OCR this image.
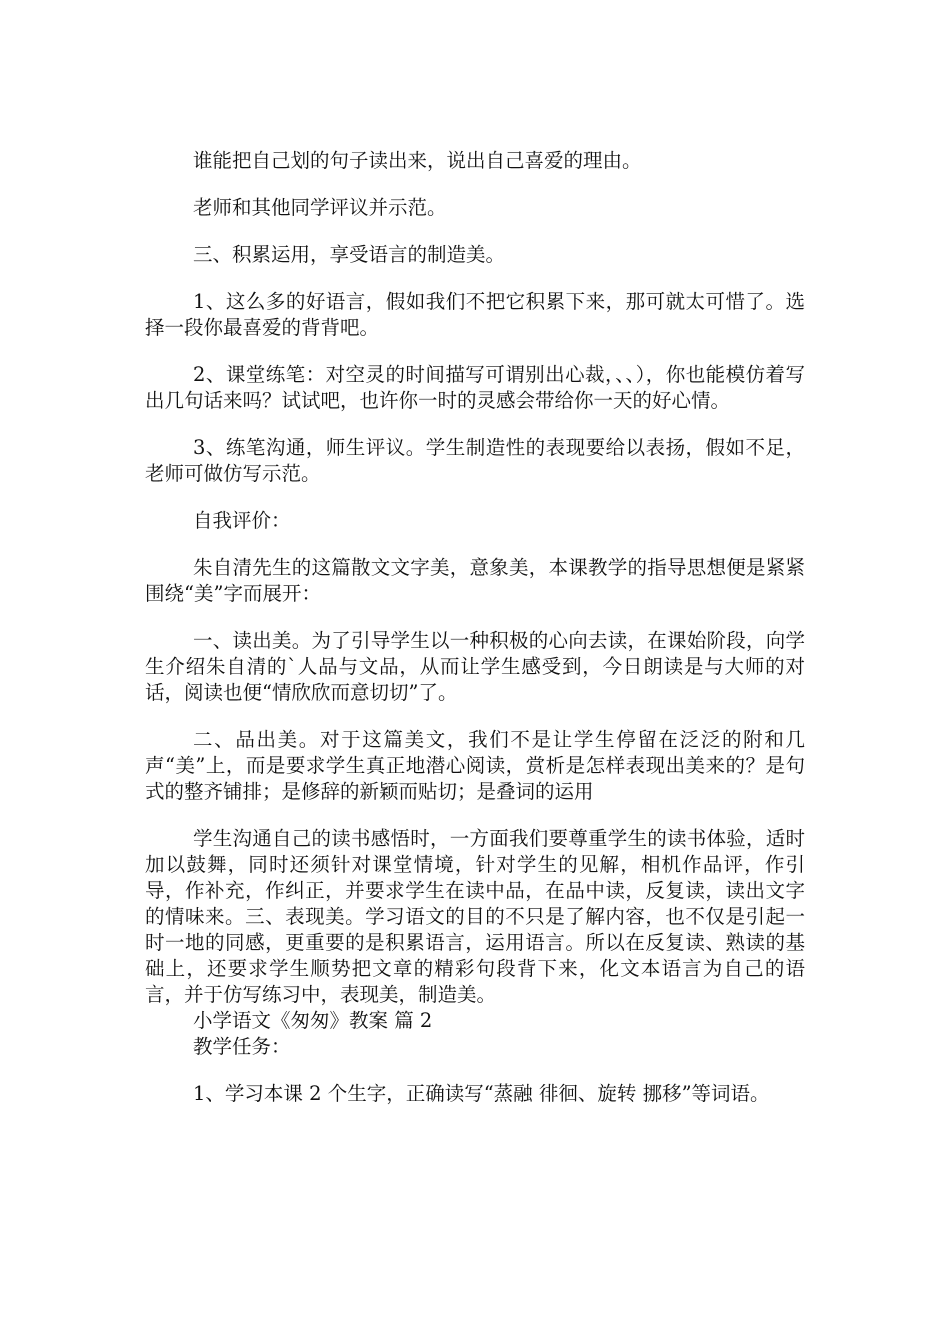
谁能把自己划的句子读出来，说出自己喜爱的理由。

老师和其他同学评议并示范。

三、积累运用，享受语言的制造美。

1、这么多的好语言，假如我们不把它积累下来，那可就太可惜了。选择一段你最喜爱的背背吧。

2、课堂练笔：对空灵的时间描写可谓别出心裁，、、），你也能模仿着写出几句话来吗？试试吧，也许你一时的灵感会带给你一天的好心情。

3、练笔沟通，师生评议。学生制造性的表现要给以表扬，假如不足，老师可做仿写示范。

自我评价：

朱自清先生的这篇散文文字美，意象美，本课教学的指导思想便是紧紧围绕“美”字而展开：

一、读出美。为了引导学生以一种积极的心向去读，在课始阶段，向学生介绍朱自清的`人品与文品，从而让学生感受到，今日朗读是与大师的对话，阅读也便“情欣欣而意切切”了。

二、品出美。对于这篇美文，我们不是让学生停留在泛泛的附和几声“美”上，而是要求学生真正地潜心阅读，赏析是怎样表现出美来的？是句式的整齐铺排；是修辞的新颖而贴切；是叠词的运用

学生沟通自己的读书感悟时，一方面我们要尊重学生的读书体验，适时加以鼓舞，同时还须针对课堂情境，针对学生的见解，相机作品评，作引导，作补充，作纠正，并要求学生在读中品，在品中读，反复读，读出文字的情味来。三、表现美。学习语文的目的不只是了解内容，也不仅是引起一时一地的同感，更重要的是积累语言，运用语言。所以在反复读、熟读的基础上，还要求学生顺势把文章的精彩句段背下来，化文本语言为自己的语言，并于仿写练习中，表现美，制造美。

小学语文《匆匆》教案 篇 2

教学任务：

1、学习本课 2 个生字，正确读写“蒸融 徘徊、旋转 挪移”等词语。
